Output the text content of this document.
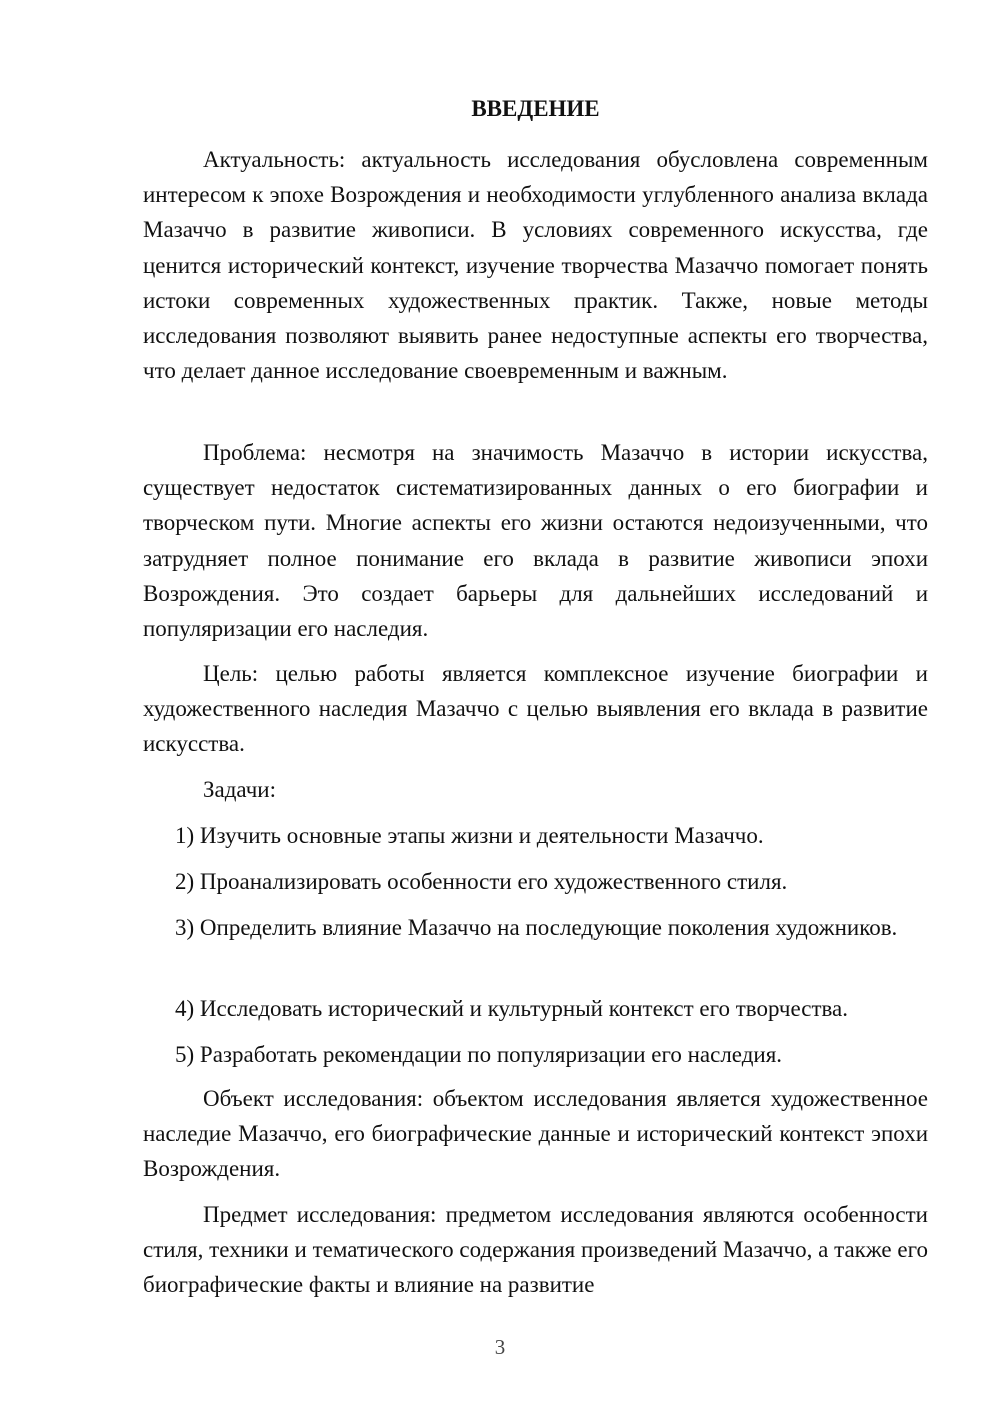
ВВЕДЕНИЕ

Актуальность: актуальность исследования обусловлена современным интересом к эпохе Возрождения и необходимости углубленного анализа вклада Мазаччо в развитие живописи. В условиях современного искусства, где ценится исторический контекст, изучение творчества Мазаччо помогает понять истоки современных художественных практик. Также, новые методы исследования позволяют выявить ранее недоступные аспекты его творчества, что делает данное исследование своевременным и важным.

Проблема: несмотря на значимость Мазаччо в истории искусства, существует недостаток систематизированных данных о его биографии и творческом пути. Многие аспекты его жизни остаются недоизученными, что затрудняет полное понимание его вклада в развитие живописи эпохи Возрождения. Это создает барьеры для дальнейших исследований и популяризации его наследия.

Цель: целью работы является комплексное изучение биографии и художественного наследия Мазаччо с целью выявления его вклада в развитие искусства.

Задачи:

1) Изучить основные этапы жизни и деятельности Мазаччо.

2) Проанализировать особенности его художественного стиля.

3) Определить влияние Мазаччо на последующие поколения художников.

4) Исследовать исторический и культурный контекст его творчества.

5) Разработать рекомендации по популяризации его наследия.

Объект исследования: объектом исследования является художественное наследие Мазаччо, его биографические данные и исторический контекст эпохи Возрождения.

Предмет исследования: предметом исследования являются особенности стиля, техники и тематического содержания произведений Мазаччо, а также его биографические факты и влияние на развитие

3
